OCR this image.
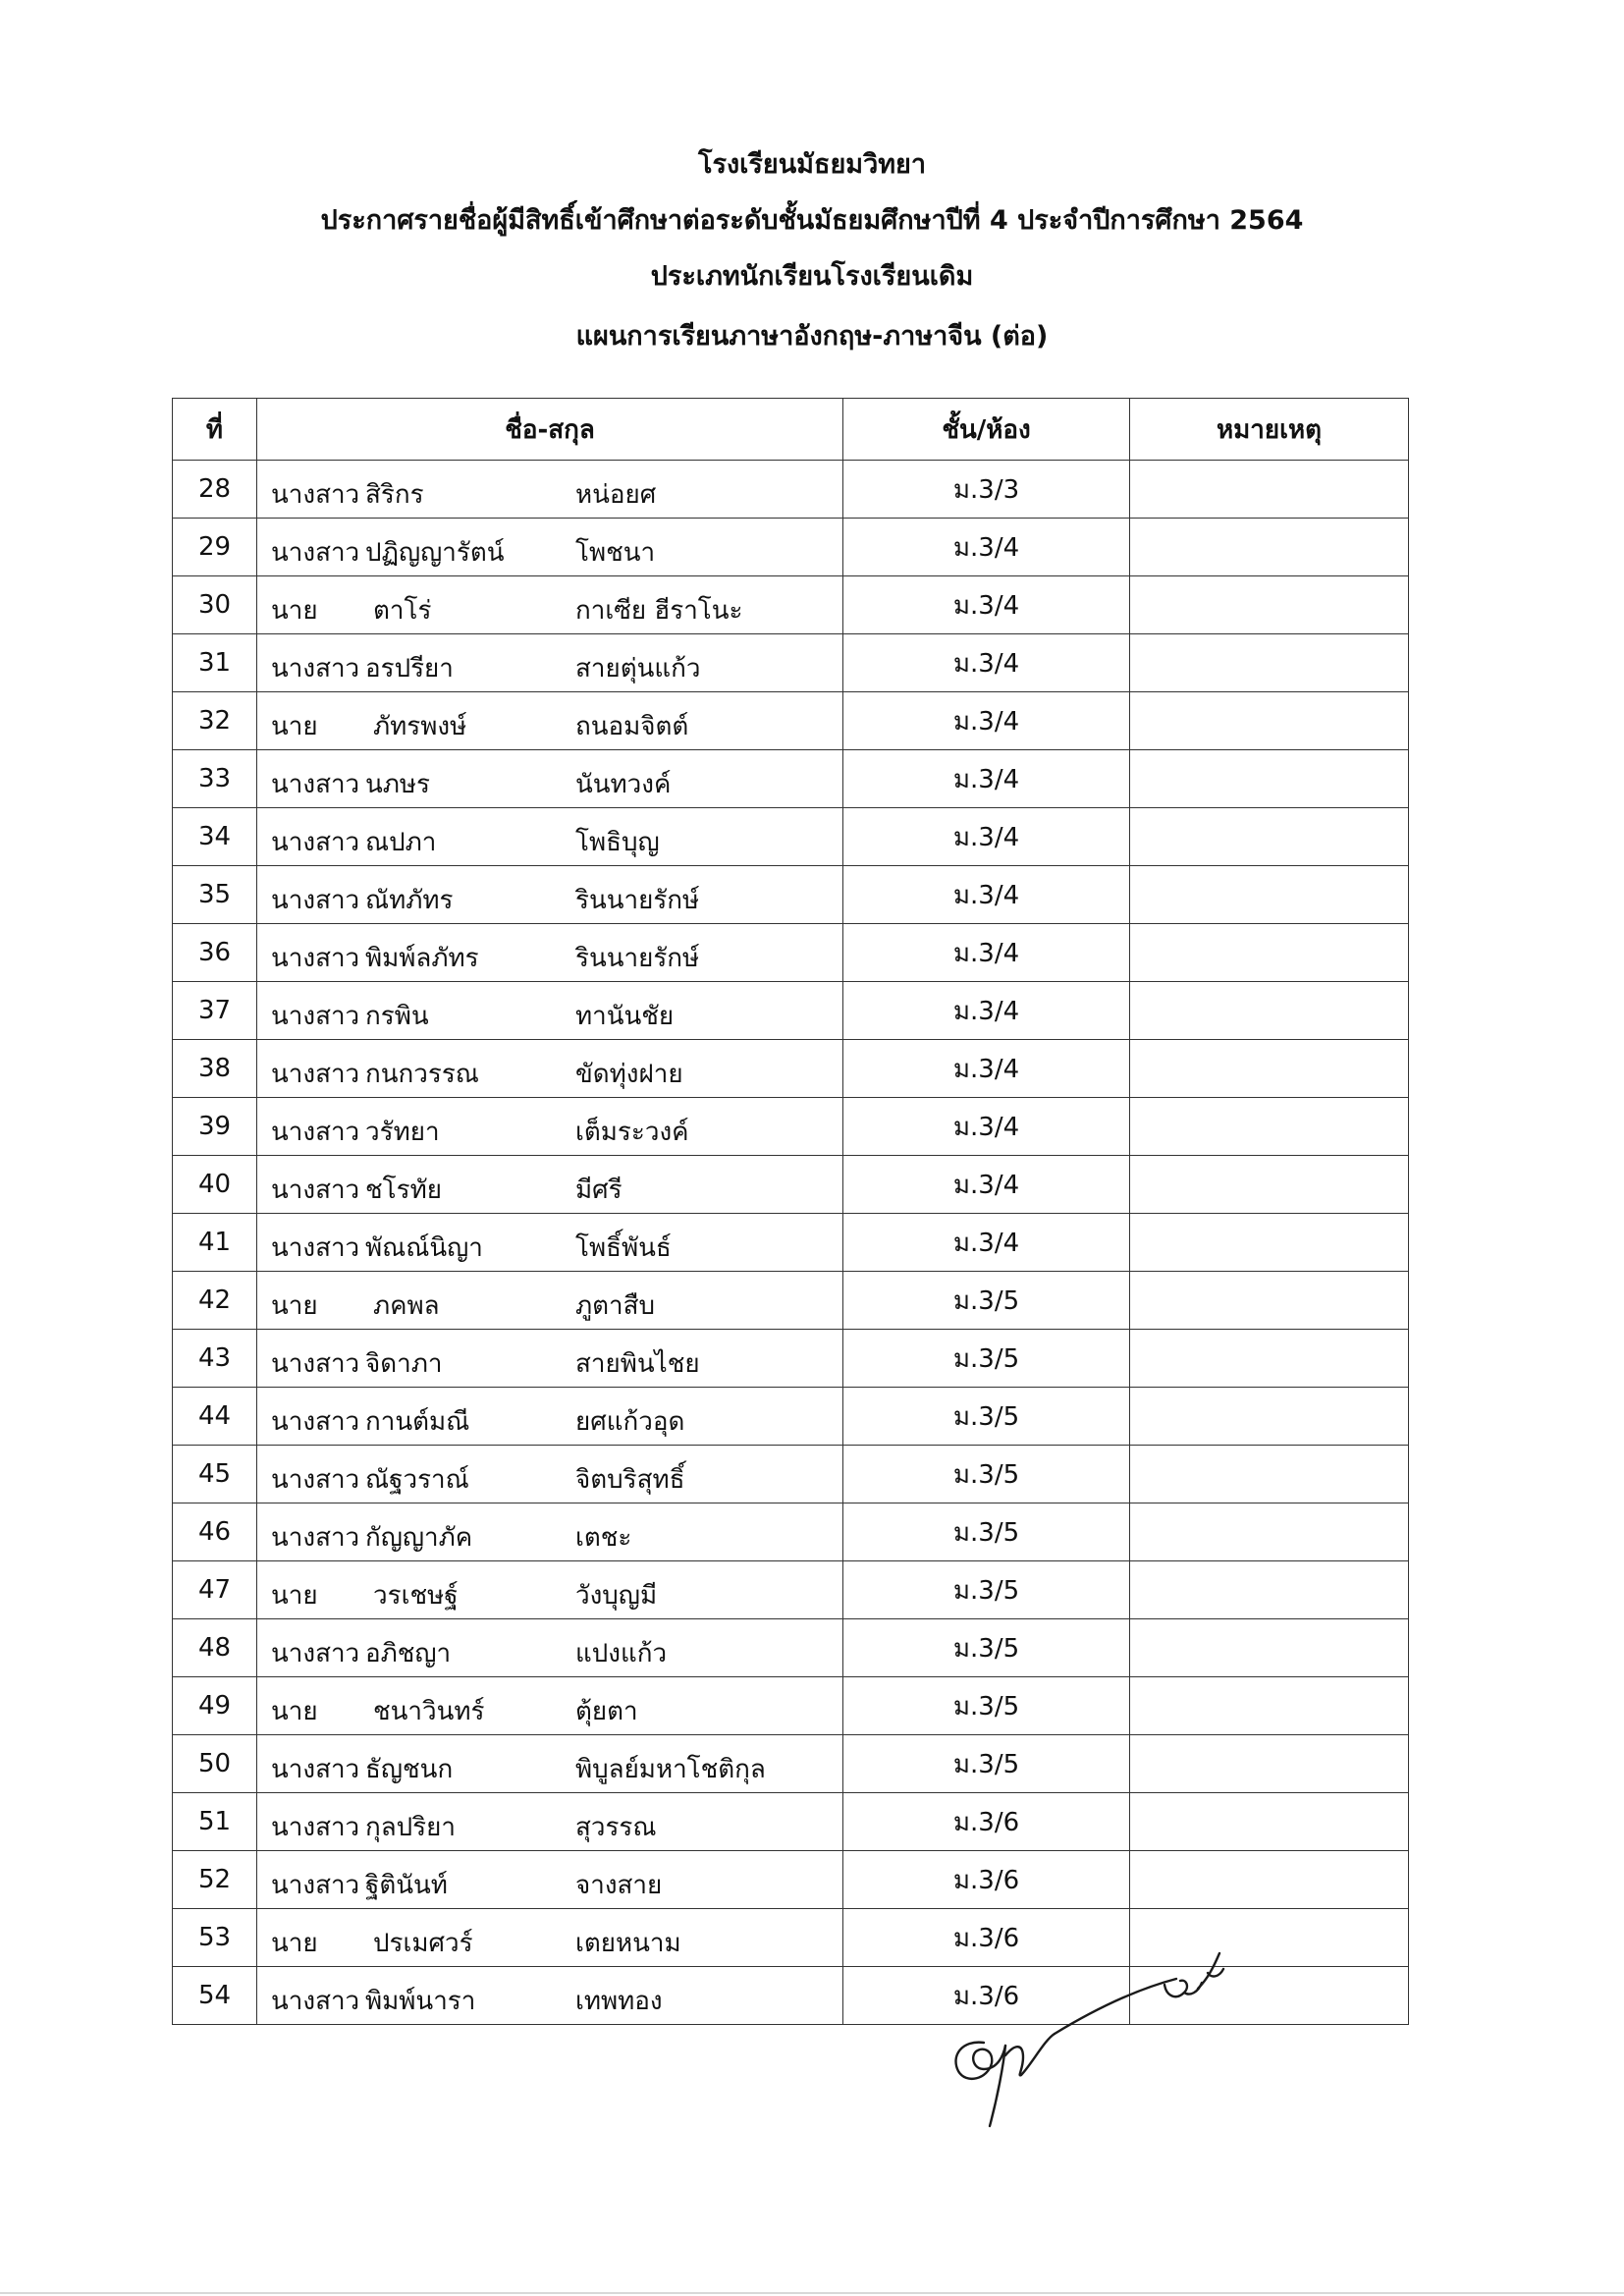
โรงเรียนมัธยมวิทยา
ประกาศรายชื่อผู้มีสิทธิ์เข้าศึกษาต่อระดับชั้นมัธยมศึกษาปีที่ 4 ประจำปีการศึกษา 2564
ประเภทนักเรียนโรงเรียนเดิม
แผนการเรียนภาษาอังกฤษ-ภาษาจีน (ต่อ)
ที่	ชื่อ-สกุล	ชั้น/ห้อง	หมายเหตุ
28	นางสาว สิริกร หน่อยศ	ม.3/3	
29	นางสาว ปฏิญญารัตน์ โพชนา	ม.3/4	
30	นาย ตาโร่ กาเซีย ฮีราโนะ	ม.3/4	
31	นางสาว อรปรียา สายตุ่นแก้ว	ม.3/4	
32	นาย ภัทรพงษ์ ถนอมจิตต์	ม.3/4	
33	นางสาว นภษร นันทวงค์	ม.3/4	
34	นางสาว ณปภา โพธิบุญ	ม.3/4	
35	นางสาว ณัทภัทร รินนายรักษ์	ม.3/4	
36	นางสาว พิมพ์ลภัทร รินนายรักษ์	ม.3/4	
37	นางสาว กรพิน ทานันชัย	ม.3/4	
38	นางสาว กนกวรรณ ขัดทุ่งฝาย	ม.3/4	
39	นางสาว วรัทยา เต็มระวงค์	ม.3/4	
40	นางสาว ชโรทัย มีศรี	ม.3/4	
41	นางสาว พัณณ์นิญา โพธิ์พันธ์	ม.3/4	
42	นาย ภคพล ภูตาสืบ	ม.3/5	
43	นางสาว จิดาภา สายพินไชย	ม.3/5	
44	นางสาว กานต์มณี ยศแก้วอุด	ม.3/5	
45	นางสาว ณัฐวราณ์ จิตบริสุทธิ์	ม.3/5	
46	นางสาว กัญญาภัค เตชะ	ม.3/5	
47	นาย วรเชษฐ์ วังบุญมี	ม.3/5	
48	นางสาว อภิชญา แปงแก้ว	ม.3/5	
49	นาย ชนาวินทร์ ตุ้ยตา	ม.3/5	
50	นางสาว ธัญชนก พิบูลย์มหาโชติกุล	ม.3/5	
51	นางสาว กุลปริยา สุวรรณ	ม.3/6	
52	นางสาว ฐิตินันท์ จางสาย	ม.3/6	
53	นาย ปรเมศวร์ เตยหนาม	ม.3/6	
54	นางสาว พิมพ์นารา เทพทอง	ม.3/6	
